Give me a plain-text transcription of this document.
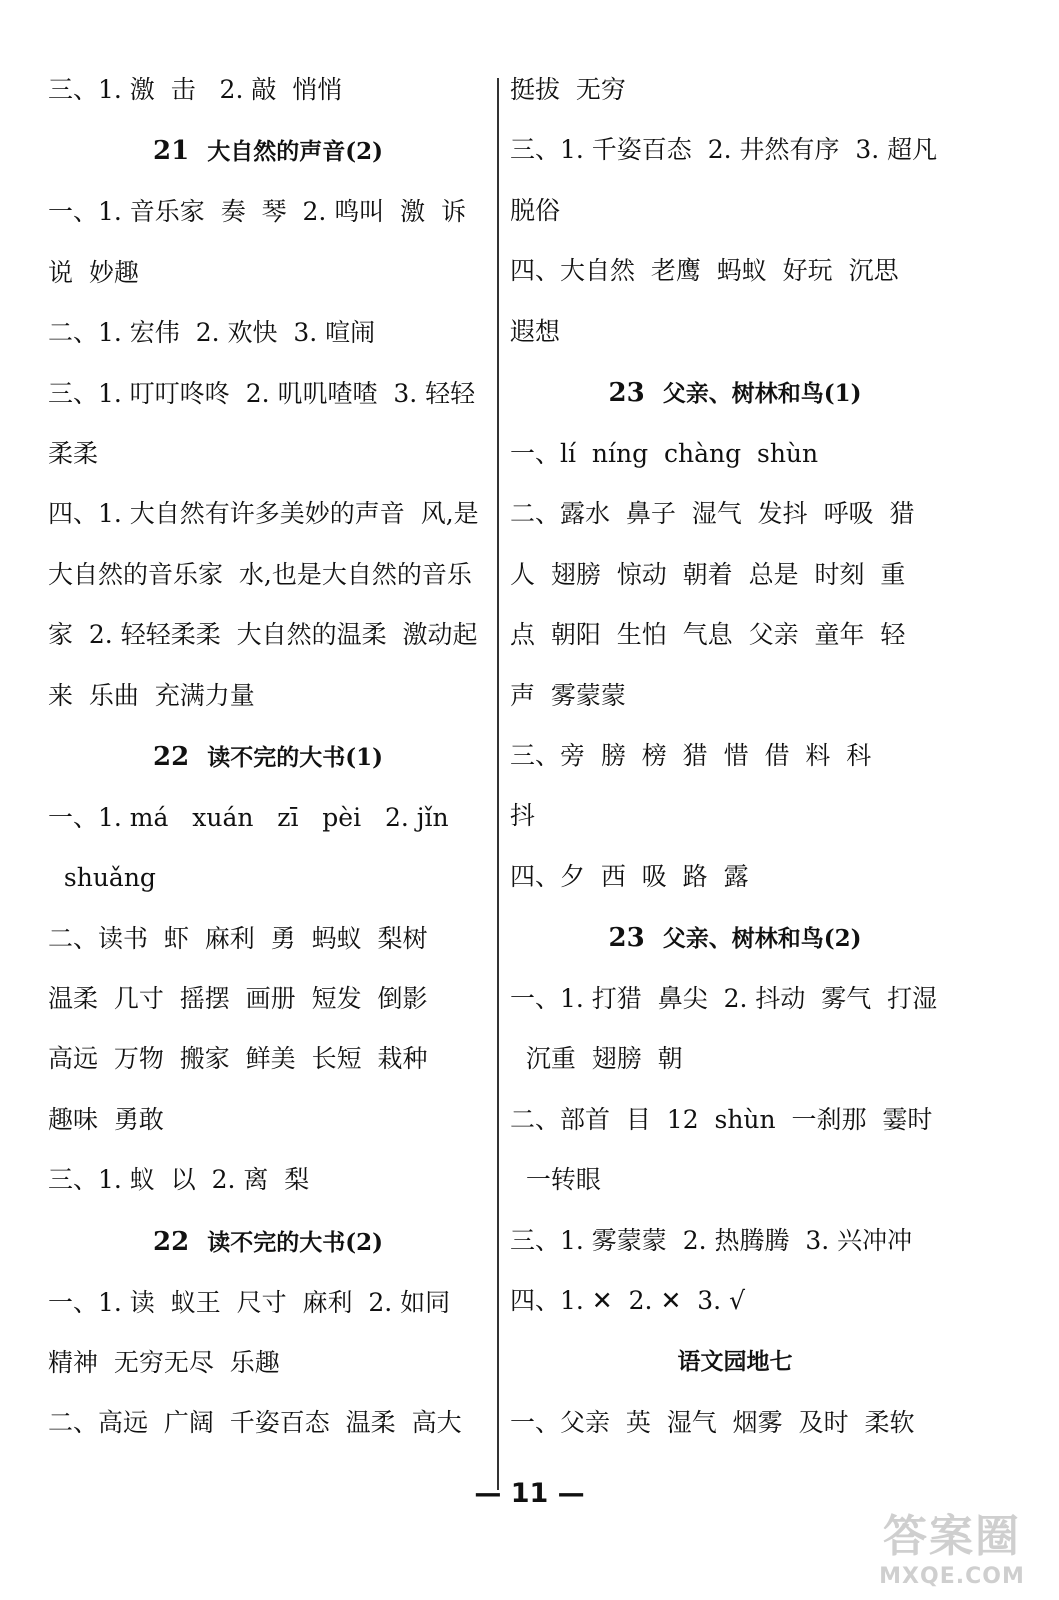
三、1. 激  击   2. 敲  悄悄
21 大自然的声音(2)
一、1. 音乐家  奏  琴  2. 鸣叫  激  诉
说  妙趣
二、1. 宏伟  2. 欢快  3. 喧闹
三、1. 叮叮咚咚  2. 叽叽喳喳  3. 轻轻
柔柔
四、1. 大自然有许多美妙的声音  风,是
大自然的音乐家  水,也是大自然的音乐
家  2. 轻轻柔柔  大自然的温柔  激动起
来  乐曲  充满力量
22 读不完的大书(1)
一、1. má   xuán   zī   pèi   2. jǐn
shuǎng
二、读书  虾  麻利  勇  蚂蚁  梨树
温柔  几寸  摇摆  画册  短发  倒影
高远  万物  搬家  鲜美  长短  栽种
趣味  勇敢
三、1. 蚁  以  2. 离  梨
22 读不完的大书(2)
一、1. 读  蚁王  尺寸  麻利  2. 如同
精神  无穷无尽  乐趣
二、高远  广阔  千姿百态  温柔  高大
挺拔  无穷
三、1. 千姿百态  2. 井然有序  3. 超凡
脱俗
四、大自然  老鹰  蚂蚁  好玩  沉思
遐想
23 父亲、树林和鸟(1)
一、lí  níng  chàng  shùn
二、露水  鼻子  湿气  发抖  呼吸  猎
人  翅膀  惊动  朝着  总是  时刻  重
点  朝阳  生怕  气息  父亲  童年  轻
声  雾蒙蒙
三、旁  膀  榜  猎  惜  借  料  科
抖
四、夕  西  吸  路  露
23 父亲、树林和鸟(2)
一、1. 打猎  鼻尖  2. 抖动  雾气  打湿
沉重  翅膀  朝
二、部首  目  12  shùn  一刹那  霎时
一转眼
三、1. 雾蒙蒙  2. 热腾腾  3. 兴冲冲
四、1. ✕  2. ✕  3. √
语文园地七
一、父亲  英  湿气  烟雾  及时  柔软
— 11 —
答案圈
MXQE.COM
